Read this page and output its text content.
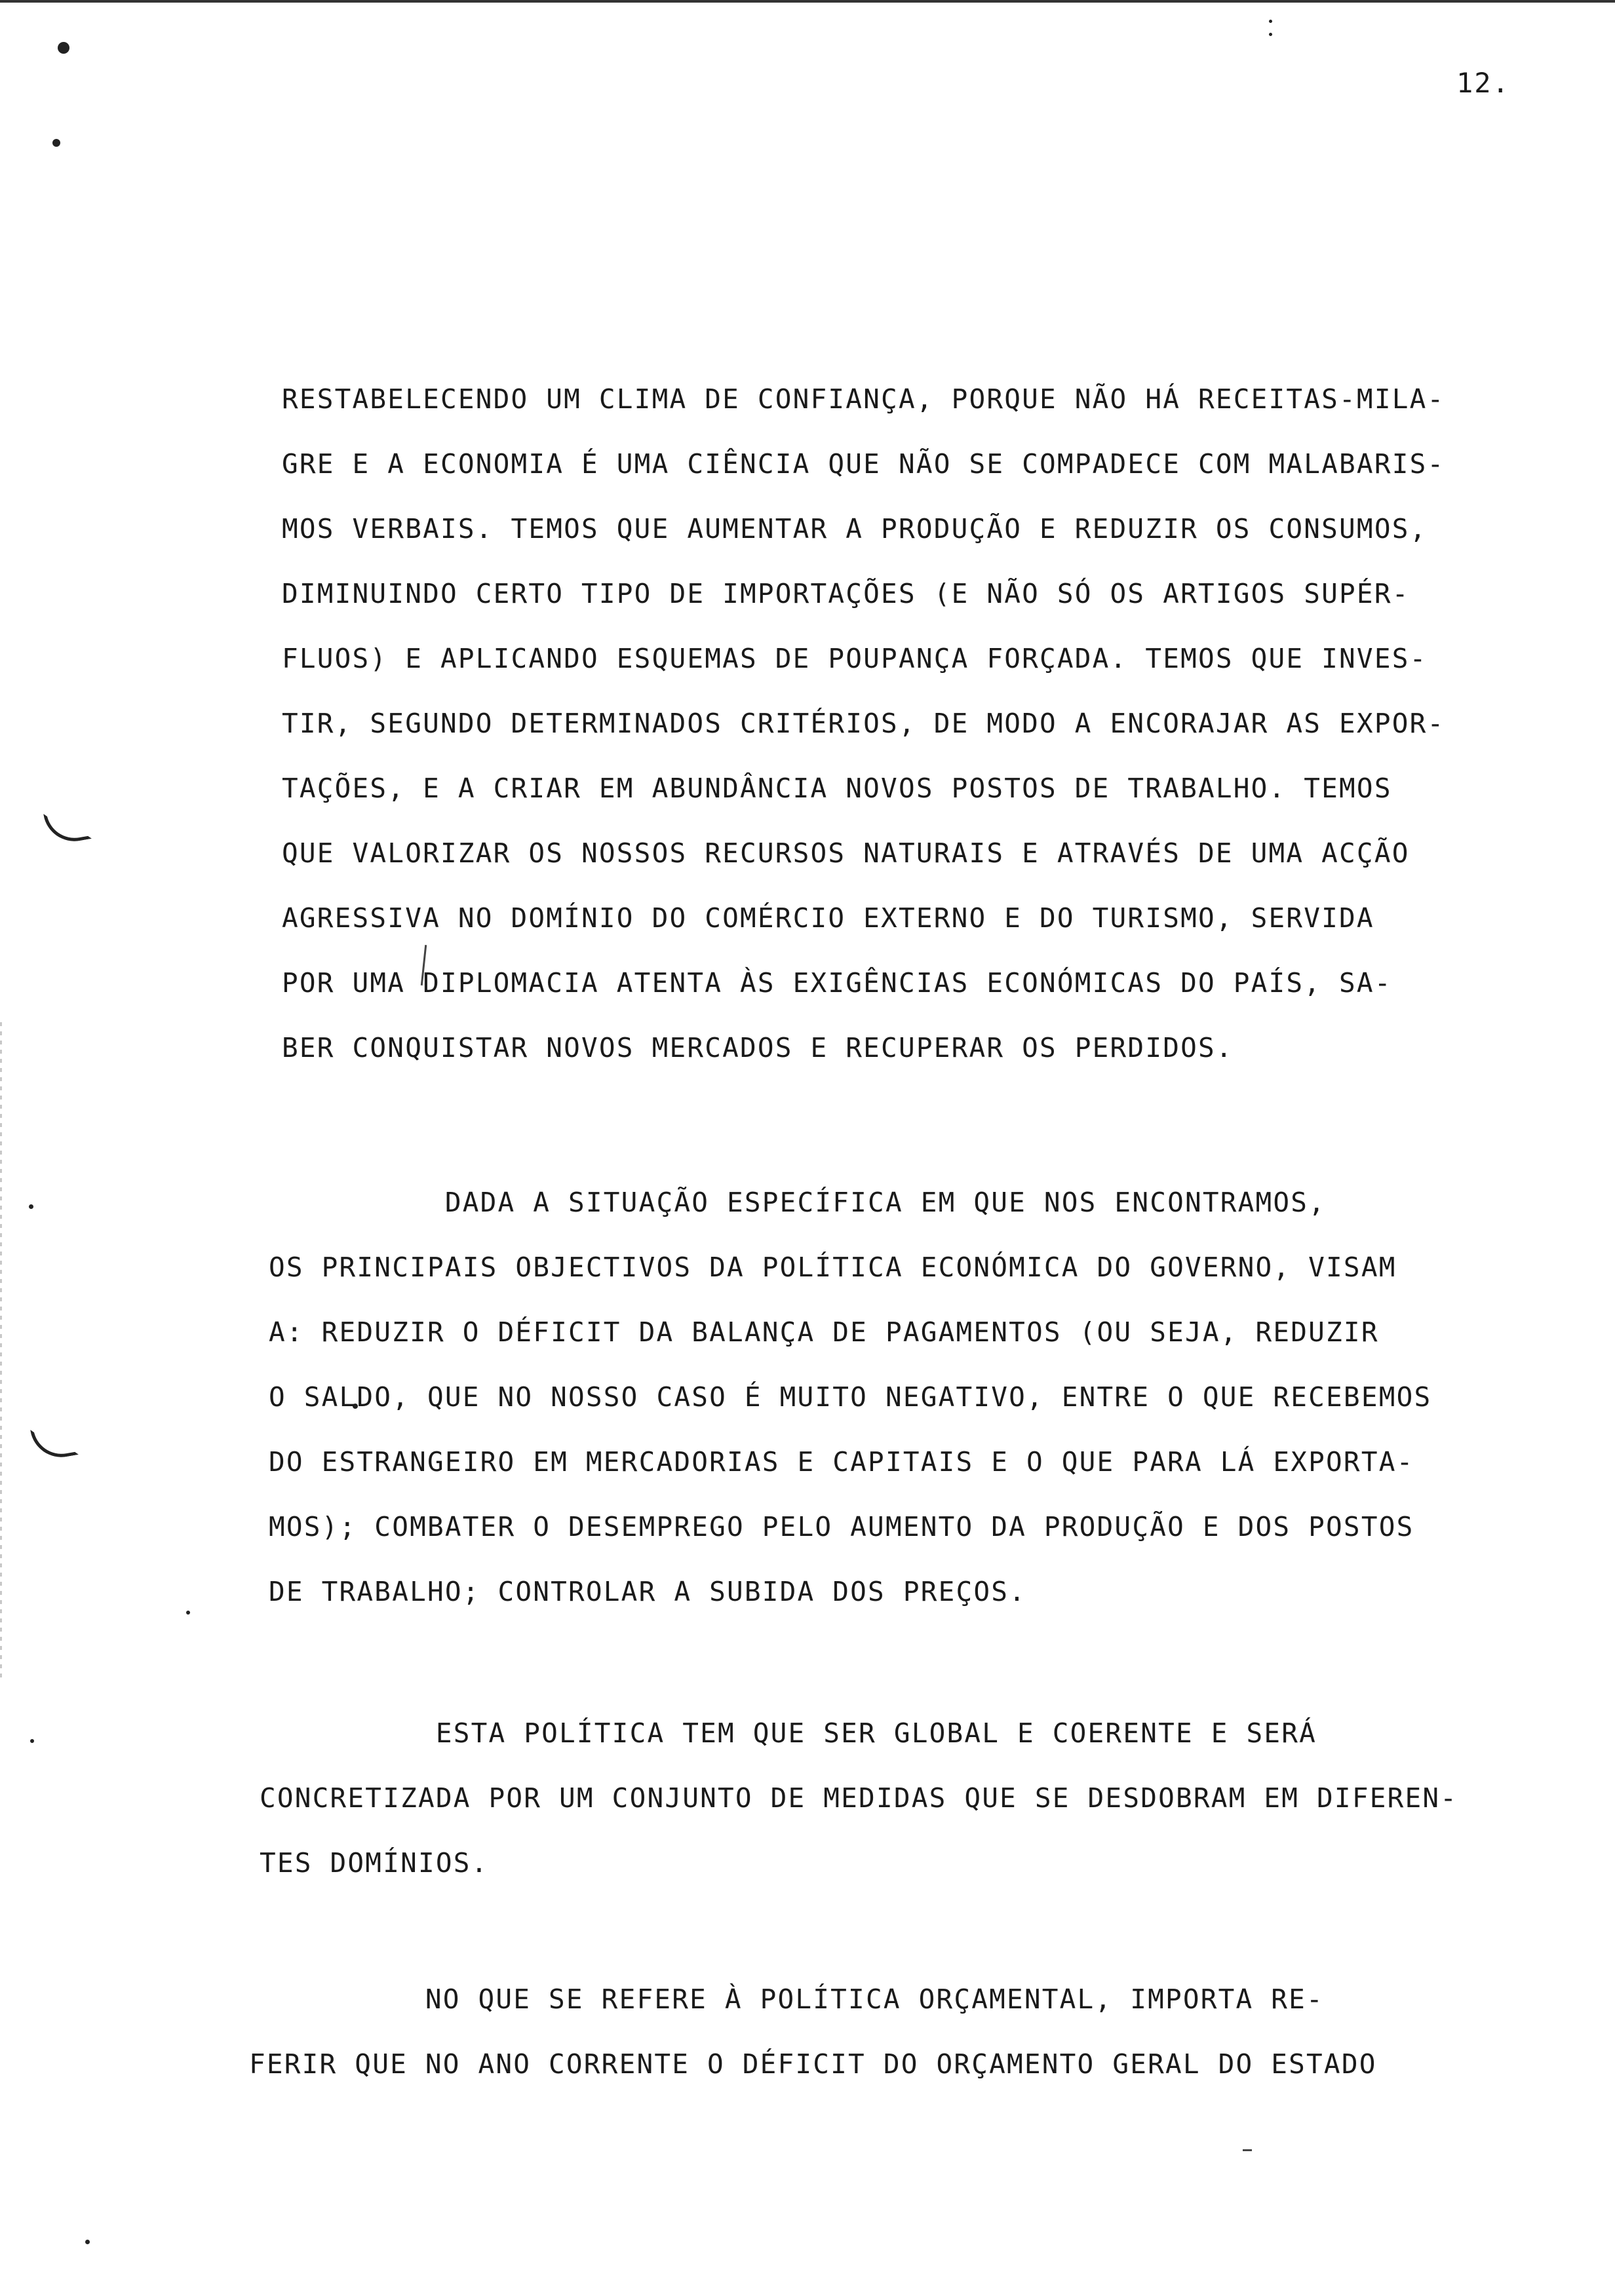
12.
RESTABELECENDO UM CLIMA DE CONFIANÇA, PORQUE NÃO HÁ RECEITAS-MILA-
GRE E A ECONOMIA É UMA CIÊNCIA QUE NÃO SE COMPADECE COM MALABARIS-
MOS VERBAIS. TEMOS QUE AUMENTAR A PRODUÇÃO E REDUZIR OS CONSUMOS,
DIMINUINDO CERTO TIPO DE IMPORTAÇÕES (E NÃO SÓ OS ARTIGOS SUPÉR-
FLUOS) E APLICANDO ESQUEMAS DE POUPANÇA FORÇADA. TEMOS QUE INVES-
TIR, SEGUNDO DETERMINADOS CRITÉRIOS, DE MODO A ENCORAJAR AS EXPOR-
TAÇÕES, E A CRIAR EM ABUNDÂNCIA NOVOS POSTOS DE TRABALHO. TEMOS
QUE VALORIZAR OS NOSSOS RECURSOS NATURAIS E ATRAVÉS DE UMA ACÇÃO
AGRESSIVA NO DOMÍNIO DO COMÉRCIO EXTERNO E DO TURISMO, SERVIDA
POR UMA DIPLOMACIA ATENTA ÀS EXIGÊNCIAS ECONÓMICAS DO PAÍS, SA-
BER CONQUISTAR NOVOS MERCADOS E RECUPERAR OS PERDIDOS.
DADA A SITUAÇÃO ESPECÍFICA EM QUE NOS ENCONTRAMOS,
OS PRINCIPAIS OBJECTIVOS DA POLÍTICA ECONÓMICA DO GOVERNO, VISAM
A: REDUZIR O DÉFICIT DA BALANÇA DE PAGAMENTOS (OU SEJA, REDUZIR
O SALDO, QUE NO NOSSO CASO É MUITO NEGATIVO, ENTRE O QUE RECEBEMOS
DO ESTRANGEIRO EM MERCADORIAS E CAPITAIS E O QUE PARA LÁ EXPORTA-
MOS); COMBATER O DESEMPREGO PELO AUMENTO DA PRODUÇÃO E DOS POSTOS
DE TRABALHO; CONTROLAR A SUBIDA DOS PREÇOS.
ESTA POLÍTICA TEM QUE SER GLOBAL E COERENTE E SERÁ
CONCRETIZADA POR UM CONJUNTO DE MEDIDAS QUE SE DESDOBRAM EM DIFEREN-
TES DOMÍNIOS.
NO QUE SE REFERE À POLÍTICA ORÇAMENTAL, IMPORTA RE-
FERIR QUE NO ANO CORRENTE O DÉFICIT DO ORÇAMENTO GERAL DO ESTADO
